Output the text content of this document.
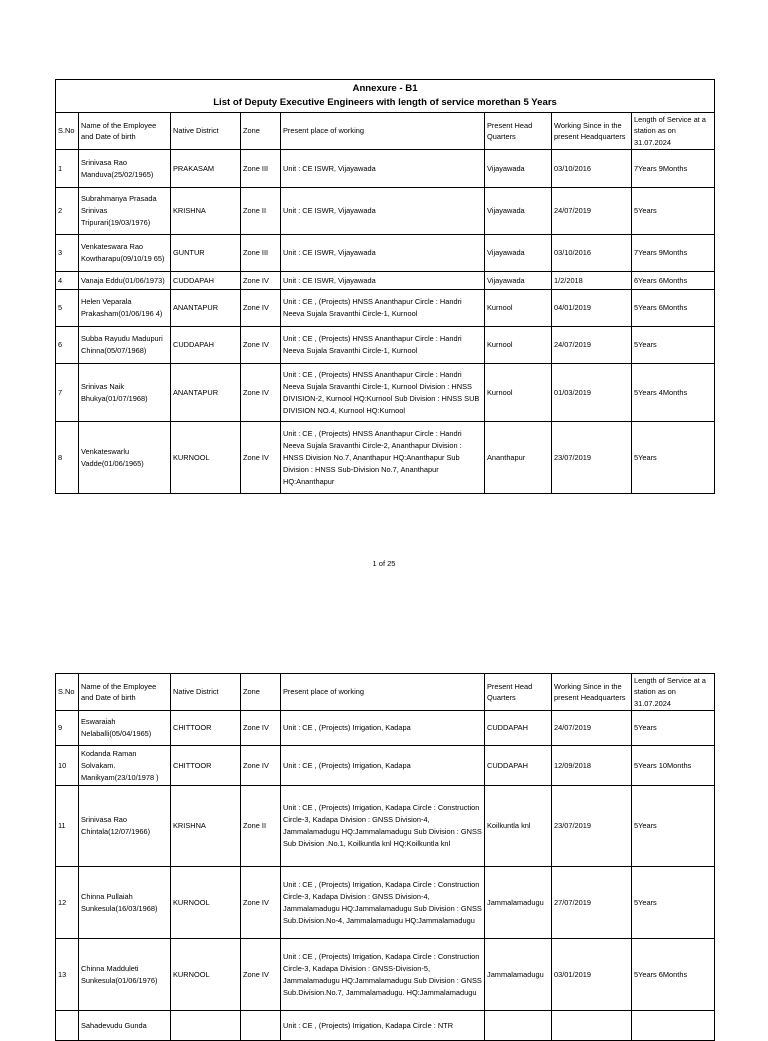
Annexure - B1
List of Deputy Executive Engineers with length of service morethan 5 Years							

S.No	Name of the Employee and Date of birth	Native District	Zone	Present place of working	Present Head Quarters	Working Since in the present Headquarters	Length of Service at a station as on 31.07.2024
1	Srinivasa Rao Manduva(25/02/1965)	PRAKASAM	Zone III	Unit : CE ISWR, Vijayawada	Vijayawada	03/10/2016	7Years 9Months
2	Subrahmanya Prasada Srinivas Tripurari(19/03/1976)	KRISHNA	Zone II	Unit : CE ISWR, Vijayawada	Vijayawada	24/07/2019	5Years
3	Venkateswara Rao Kowtharapu(09/10/19 65)	GUNTUR	Zone III	Unit : CE ISWR, Vijayawada	Vijayawada	03/10/2016	7Years 9Months
4	Vanaja Eddu(01/06/1973)	CUDDAPAH	Zone IV	Unit : CE ISWR, Vijayawada	Vijayawada	1/2/2018	6Years 6Months
5	Helen Veparala Prakasham(01/06/196 4)	ANANTAPUR	Zone IV	Unit : CE , (Projects) HNSS Ananthapur Circle : Handri Neeva Sujala Sravanthi Circle-1, Kurnool	Kurnool	04/01/2019	5Years 6Months
6	Subba Rayudu Madupuri Chinna(05/07/1968)	CUDDAPAH	Zone IV	Unit : CE , (Projects) HNSS Ananthapur Circle : Handri Neeva Sujala Sravanthi Circle-1, Kurnool	Kurnool	24/07/2019	5Years
7	Srinivas Naik Bhukya(01/07/1968)	ANANTAPUR	Zone IV	Unit : CE , (Projects) HNSS Ananthapur Circle : Handri Neeva Sujala Sravanthi Circle-1, Kurnool Division : HNSS DIVISION-2, Kurnool HQ:Kurnool Sub Division : HNSS SUB DIVISION NO.4, Kurnool HQ:Kurnool	Kurnool	01/03/2019	5Years 4Months
8	Venkateswarlu Vadde(01/06/1965)	KURNOOL	Zone IV	Unit : CE , (Projects) HNSS Ananthapur Circle : Handri Neeva Sujala Sravanthi Circle-2, Ananthapur Division : HNSS Division No.7, Ananthapur HQ:Ananthapur Sub Division : HNSS Sub-Division No.7, Ananthapur HQ:Ananthapur	Ananthapur	23/07/2019	5Years
1 of 25
S.No	Name of the Employee and Date of birth	Native District	Zone	Present place of working	Present Head Quarters	Working Since in the present Headquarters	Length of Service at a station as on 31.07.2024
9	Eswaraiah Nelaballi(05/04/1965)	CHITTOOR	Zone IV	Unit : CE , (Projects) Irrigation, Kadapa	CUDDAPAH	24/07/2019	5Years
10	Kodanda Raman Solvakam. Manikyam(23/10/1978 )	CHITTOOR	Zone IV	Unit : CE , (Projects) Irrigation, Kadapa	CUDDAPAH	12/09/2018	5Years 10Months
11	Srinivasa Rao Chintala(12/07/1966)	KRISHNA	Zone II	Unit : CE , (Projects) Irrigation, Kadapa Circle : Construction Circle-3, Kadapa Division : GNSS Division-4, Jammalamadugu HQ:Jammalamadugu Sub Division : GNSS Sub Division .No.1, Koilkuntla knl HQ:Koilkuntla knl	Koilkuntla knl	23/07/2019	5Years
12	Chinna Pullaiah Sunkesula(16/03/1968)	KURNOOL	Zone IV	Unit : CE , (Projects) Irrigation, Kadapa Circle : Construction Circle-3, Kadapa Division : GNSS Division-4, Jammalamadugu HQ:Jammalamadugu Sub Division : GNSS Sub.Division.No-4, Jammalamadugu HQ:Jammalamadugu	Jammalamadugu	27/07/2019	5Years
13	Chinna Madduleti Sunkesula(01/06/1976)	KURNOOL	Zone IV	Unit : CE , (Projects) Irrigation, Kadapa Circle : Construction Circle-3, Kadapa Division : GNSS-Division-5, Jammalamadugu HQ:Jammalamadugu Sub Division : GNSS Sub.Division.No.7, Jammalamadugu. HQ:Jammalamadugu	Jammalamadugu	03/01/2019	5Years 6Months
	Sahadevudu Gunda			Unit : CE , (Projects) Irrigation, Kadapa Circle : NTR			
